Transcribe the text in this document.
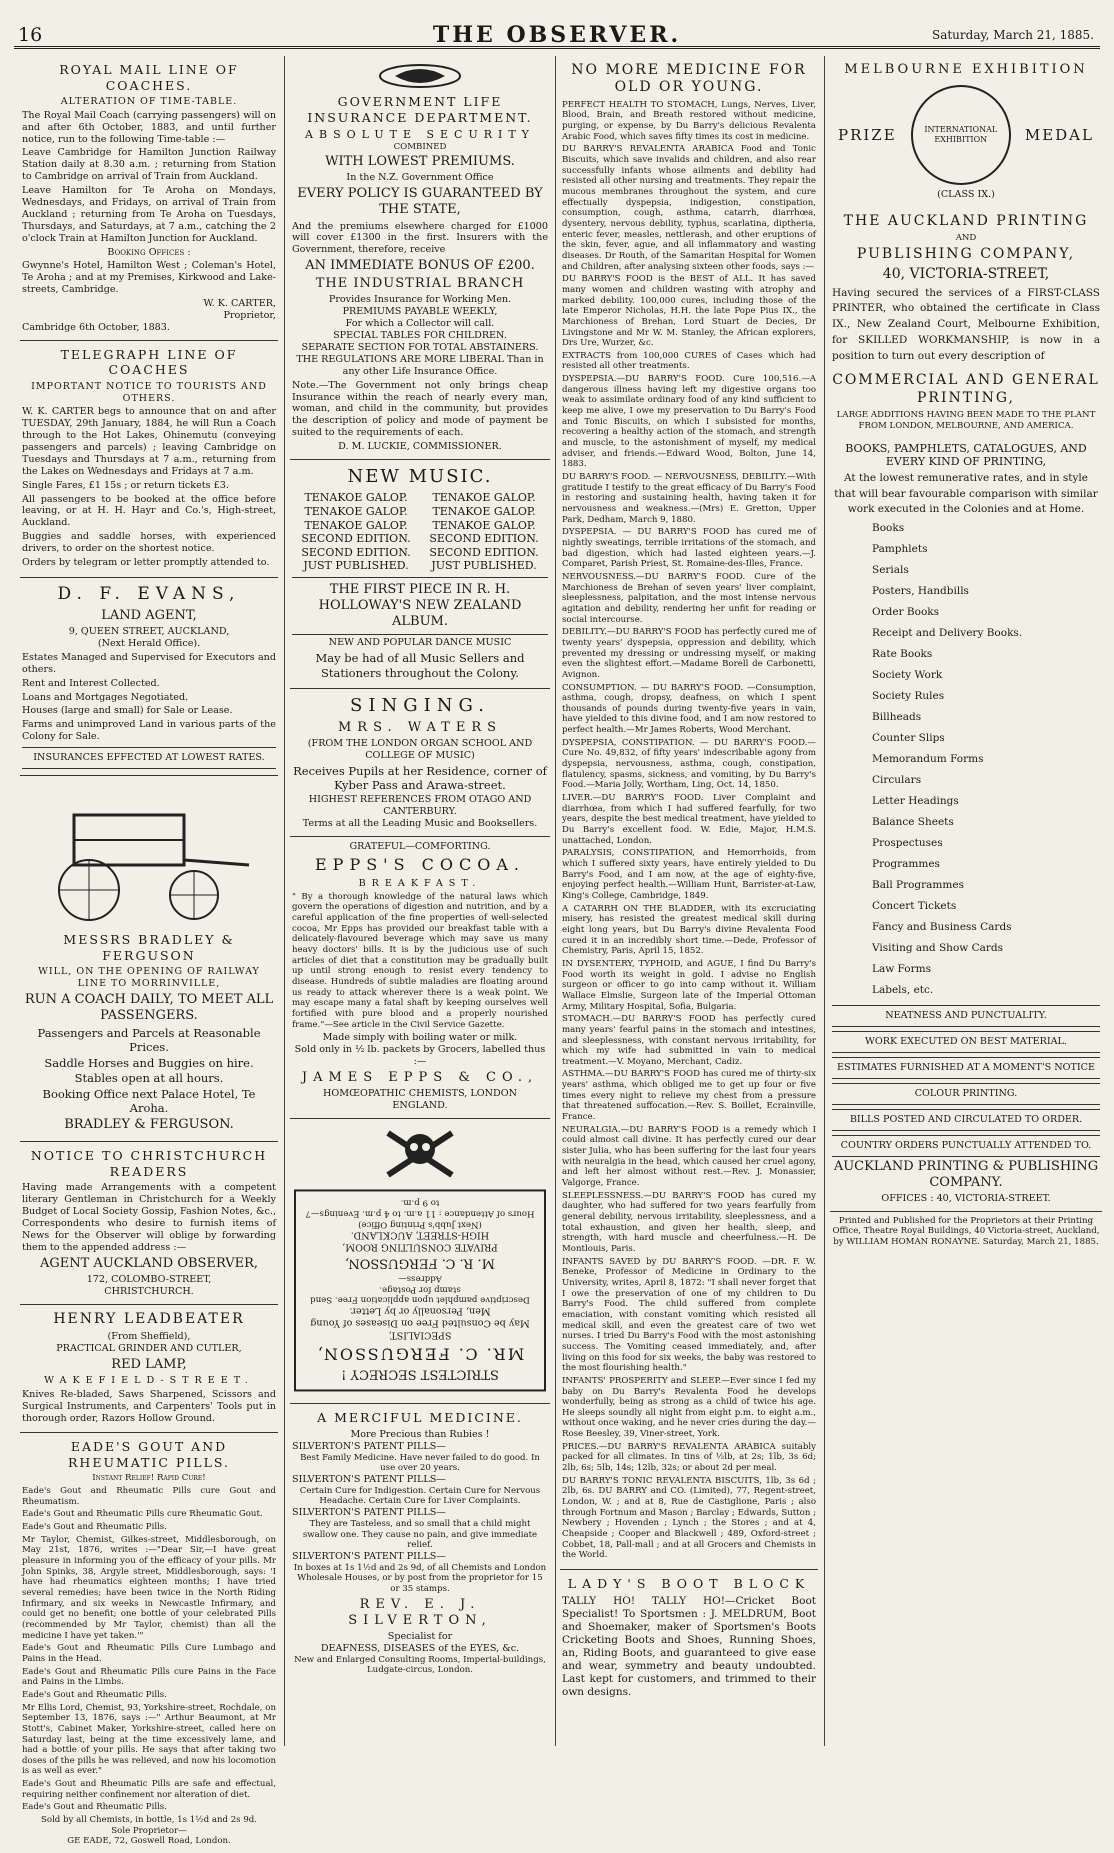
16	THE OBSERVER.	Saturday, March 21, 1885.
ROYAL MAIL LINE OF COACHES.
ALTERATION OF TIME-TABLE.
The Royal Mail Coach (carrying passengers) will on and after 6th October, 1883, and until further notice, run to the following Time-table :—
Leave Cambridge for Hamilton Junction Railway Station daily at 8.30 a.m. ; returning from Station to Cambridge on arrival of Train from Auckland.
Leave Hamilton for Te Aroha on Mondays, Wednesdays, and Fridays, on arrival of Train from Auckland ; returning from Te Aroha on Tuesdays, Thursdays, and Saturdays, at 7 a.m., catching the 2 o'clock Train at Hamilton Junction for Auckland.
Booking Offices :
Gwynne's Hotel, Hamilton West ; Coleman's Hotel, Te Aroha ; and at my Premises, Kirkwood and Lake-streets, Cambridge.
W. K. CARTER,
Proprietor,
Cambridge 6th October, 1883.
TELEGRAPH LINE OF COACHES
IMPORTANT NOTICE TO TOURISTS AND OTHERS.
W. K. CARTER begs to announce that on and after TUESDAY, 29th January, 1884, he will Run a Coach through to the Hot Lakes, Ohinemutu (conveying passengers and parcels) ; leaving Cambridge on Tuesdays and Thursdays at 7 a.m., returning from the Lakes on Wednesdays and Fridays at 7 a.m.
Single Fares, £1 15s ; or return tickets £3.
All passengers to be booked at the office before leaving, or at H. H. Hayr and Co.'s, High-street, Auckland.
Buggies and saddle horses, with experienced drivers, to order on the shortest notice.
Orders by telegram or letter promptly attended to.
D. F. EVANS,
LAND AGENT,
9, QUEEN STREET, AUCKLAND,
(Next Herald Office).
Estates Managed and Supervised for Executors and others.
Rent and Interest Collected.
Loans and Mortgages Negotiated.
Houses (large and small) for Sale or Lease.
Farms and unimproved Land in various parts of the Colony for Sale.
INSURANCES EFFECTED AT LOWEST RATES.
MESSRS BRADLEY & FERGUSON
WILL, ON THE OPENING OF RAILWAY LINE TO MORRINVILLE,
RUN A COACH DAILY, TO MEET ALL PASSENGERS.
Passengers and Parcels at Reasonable Prices.
Saddle Horses and Buggies on hire. Stables open at all hours.
Booking Office next Palace Hotel, Te Aroha.
BRADLEY & FERGUSON.
NOTICE TO CHRISTCHURCH READERS
Having made Arrangements with a competent literary Gentleman in Christchurch for a Weekly Budget of Local Society Gossip, Fashion Notes, &c., Correspondents who desire to furnish items of News for the Observer will oblige by forwarding them to the appended address :—
AGENT AUCKLAND OBSERVER,
172, COLOMBO-STREET,
CHRISTCHURCH.
HENRY LEADBEATER
(From Sheffield),
PRACTICAL GRINDER AND CUTLER,
RED LAMP,
WAKEFIELD-STREET.
Knives Re-bladed, Saws Sharpened, Scissors and Surgical Instruments, and Carpenters' Tools put in thorough order, Razors Hollow Ground.
EADE'S GOUT AND RHEUMATIC PILLS.
Instant Relief! Rapid Cure!
Eade's Gout and Rheumatic Pills cure Gout and Rheumatism.
Eade's Gout and Rheumatic Pills cure Rheumatic Gout.
Eade's Gout and Rheumatic Pills.
Mr Taylor, Chemist, Gilkes-street, Middlesborough, on May 21st, 1876, writes :—"Dear Sir,—I have great pleasure in informing you of the efficacy of your pills. Mr John Spinks, 38, Argyle street, Middlesborough, says: 'I have had rheumatics eighteen months; I have tried several remedies; have been twice in the North Riding Infirmary, and six weeks in Newcastle Infirmary, and could get no benefit; one bottle of your celebrated Pills (recommended by Mr Taylor, chemist) than all the medicine I have yet taken.'"
Eade's Gout and Rheumatic Pills Cure Lumbago and Pains in the Head.
Eade's Gout and Rheumatic Pills cure Pains in the Face and Pains in the Limbs.
Eade's Gout and Rheumatic Pills.
Mr Ellis Lord, Chemist, 93, Yorkshire-street, Rochdale, on September 13, 1876, says :—" Arthur Beaumont, at Mr Stott's, Cabinet Maker, Yorkshire-street, called here on Saturday last, being at the time excessively lame, and had a bottle of your pills. He says that after taking two doses of the pills he was relieved, and now his locomotion is as well as ever."
Eade's Gout and Rheumatic Pills are safe and effectual, requiring neither confinement nor alteration of diet.
Eade's Gout and Rheumatic Pills.
Sold by all Chemists, in bottle, 1s 1½d and 2s 9d.
Sole Proprietor—
GE EADE, 72, Goswell Road, London.
GOVERNMENT LIFE INSURANCE DEPARTMENT.
ABSOLUTE SECURITY
COMBINED
WITH LOWEST PREMIUMS.
In the N.Z. Government Office
EVERY POLICY IS GUARANTEED BY THE STATE,
And the premiums elsewhere charged for £1000 will cover £1300 in the first. Insurers with the Government, therefore, receive
AN IMMEDIATE BONUS OF £200.
THE INDUSTRIAL BRANCH
Provides Insurance for Working Men.
PREMIUMS PAYABLE WEEKLY,
For which a Collector will call.
SPECIAL TABLES FOR CHILDREN.
SEPARATE SECTION FOR TOTAL ABSTAINERS.
THE REGULATIONS ARE MORE LIBERAL Than in any other Life Insurance Office.
Note.—The Government not only brings cheap Insurance within the reach of nearly every man, woman, and child in the community, but provides the description of policy and mode of payment be suited to the requirements of each.
D. M. LUCKIE, COMMISSIONER.
NEW MUSIC.
TENAKOE GALOP. TENAKOE GALOP.
TENAKOE GALOP. TENAKOE GALOP.
TENAKOE GALOP. TENAKOE GALOP.
SECOND EDITION. SECOND EDITION.
SECOND EDITION. SECOND EDITION.
JUST PUBLISHED. JUST PUBLISHED.
THE FIRST PIECE IN R. H. HOLLOWAY'S NEW ZEALAND ALBUM.
NEW AND POPULAR DANCE MUSIC
May be had of all Music Sellers and Stationers throughout the Colony.
SINGING.
MRS. WATERS
(FROM THE LONDON ORGAN SCHOOL AND COLLEGE OF MUSIC)
Receives Pupils at her Residence, corner of Kyber Pass and Arawa-street.
HIGHEST REFERENCES FROM OTAGO AND CANTERBURY.
Terms at all the Leading Music and Booksellers.
GRATEFUL—COMFORTING.
EPPS'S COCOA.
BREAKFAST.
" By a thorough knowledge of the natural laws which govern the operations of digestion and nutrition, and by a careful application of the fine properties of well-selected cocoa, Mr Epps has provided our breakfast table with a delicately-flavoured beverage which may save us many heavy doctors' bills. It is by the judicious use of such articles of diet that a constitution may be gradually built up until strong enough to resist every tendency to disease. Hundreds of subtle maladies are floating around us ready to attack wherever there is a weak point. We may escape many a fatal shaft by keeping ourselves well fortified with pure blood and a properly nourished frame."—See article in the Civil Service Gazette.
Made simply with boiling water or milk.
Sold only in ½ lb. packets by Grocers, labelled thus :—
JAMES EPPS & CO.,
HOMŒOPATHIC CHEMISTS, LONDON
ENGLAND.
STRICTEST SECRECY !
MR. C. FERGUSSON,
SPECIALIST,
May be Consulted Free on Diseases of Young Men, Personally or by Letter.
Descriptive pamphlet upon application Free. Send stamp for Postage.
Address—
M. R. C. FERGUSSON,
PRIVATE CONSULTING ROOM,
HIGH-STREET, AUCKLAND.
(Next Jubb's Printing Office)
Hours of Attendance : 11 a.m. to 4 p.m. Evenings—7 to 9 p.m.
A MERCIFUL MEDICINE.
More Precious than Rubies !
SILVERTON'S PATENT PILLS—
Best Family Medicine. Have never failed to do good. In use over 20 years.
SILVERTON'S PATENT PILLS—
Certain Cure for Indigestion. Certain Cure for Nervous Headache. Certain Cure for Liver Complaints.
SILVERTON'S PATENT PILLS—
They are Tasteless, and so small that a child might swallow one. They cause no pain, and give immediate relief.
SILVERTON'S PATENT PILLS—
In boxes at 1s 1½d and 2s 9d, of all Chemists and London Wholesale Houses, or by post from the proprietor for 15 or 35 stamps.
REV. E. J. SILVERTON,
Specialist for
DEAFNESS, DISEASES of the EYES, &c.
New and Enlarged Consulting Rooms, Imperial-buildings, Ludgate-circus, London.
NO MORE MEDICINE FOR OLD OR YOUNG.
PERFECT HEALTH TO STOMACH, Lungs, Nerves, Liver, Blood, Brain, and Breath restored without medicine, purging, or expense, by Du Barry's delicious Revalenta Arabic Food, which saves fifty times its cost in medicine.
DU BARRY'S REVALENTA ARABICA Food and Tonic Biscuits, which save invalids and children, and also rear successfully infants whose ailments and debility had resisted all other nursing and treatments. They repair the mucous membranes throughout the system, and cure effectually dyspepsia, indigestion, constipation, consumption, cough, asthma, catarrh, diarrhœa, dysentery, nervous debility, typhus, scarlatina, diptheria, enteric fever, measles, nettlerash, and other eruptions of the skin, fever, ague, and all inflammatory and wasting diseases. Dr Routh, of the Samaritan Hospital for Women and Children, after analysing sixteen other foods, says :—
DU BARRY'S FOOD is the BEST of ALL. It has saved many women and children wasting with atrophy and marked debility. 100,000 cures, including those of the late Emperor Nicholas, H.H. the late Pope Pius IX., the Marchioness of Brehan, Lord Stuart de Decies, Dr Livingstone and Mr W. M. Stanley, the African explorers, Drs Ure, Wurzer, &c.
EXTRACTS from 100,000 CURES of Cases which had resisted all other treatments.
DYSPEPSIA.—DU BARRY'S FOOD. Cure 100,516.—A dangerous illness having left my digestive organs too weak to assimilate ordinary food of any kind sufficient to keep me alive, I owe my preservation to Du Barry's Food and Tonic Biscuits, on which I subsisted for months, recovering a healthy action of the stomach, and strength and muscle, to the astonishment of myself, my medical adviser, and friends.—Edward Wood, Bolton, June 14, 1883.
DU BARRY'S FOOD. — NERVOUSNESS, DEBILITY.—With gratitude I testify to the great efficacy of Du Barry's Food in restoring and sustaining health, having taken it for nervousness and weakness.—(Mrs) E. Gretton, Upper Park, Dedham, March 9, 1880.
DYSPEPSIA. — DU BARRY'S FOOD has cured me of nightly sweatings, terrible irritations of the stomach, and bad digestion, which had lasted eighteen years.—J. Comparet, Parish Priest, St. Romaine-des-Illes, France.
NERVOUSNESS.—DU BARRY'S FOOD. Cure of the Marchioness de Brehan of seven years' liver complaint, sleeplessness, palpitation, and the most intense nervous agitation and debility, rendering her unfit for reading or social intercourse.
DEBILITY.—DU BARRY'S FOOD has perfectly cured me of twenty years' dyspepsia, oppression and debility, which prevented my dressing or undressing myself, or making even the slightest effort.—Madame Borell de Carbonetti, Avignon.
CONSUMPTION. — DU BARRY'S FOOD. —Consumption, asthma, cough, dropsy, deafness, on which I spent thousands of pounds during twenty-five years in vain, have yielded to this divine food, and I am now restored to perfect health.—Mr James Roberts, Wood Merchant.
DYSPEPSIA, CONSTIPATION. — DU BARRY'S FOOD.—Cure No. 49,832, of fifty years' indescribable agony from dyspepsia, nervousness, asthma, cough, constipation, flatulency, spasms, sickness, and vomiting, by Du Barry's Food.—Maria Jolly, Wortham, Ling, Oct. 14, 1850.
LIVER.—DU BARRY'S FOOD. Liver Complaint and diarrhœa, from which I had suffered fearfully, for two years, despite the best medical treatment, have yielded to Du Barry's excellent food. W. Edie, Major, H.M.S. unattached, London.
PARALYSIS, CONSTIPATION, and Hemorrhoids, from which I suffered sixty years, have entirely yielded to Du Barry's Food, and I am now, at the age of eighty-five, enjoying perfect health.—William Hunt, Barrister-at-Law, King's College, Cambridge, 1849.
A CATARRH ON THE BLADDER, with its excruciating misery, has resisted the greatest medical skill during eight long years, but Du Barry's divine Revalenta Food cured it in an incredibly short time.—Dede, Professor of Chemistry, Paris, April 15, 1852.
IN DYSENTERY, TYPHOID, and AGUE, I find Du Barry's Food worth its weight in gold. I advise no English surgeon or officer to go into camp without it. William Wallace Elmslie, Surgeon late of the Imperial Ottoman Army, Military Hospital, Sofia, Bulgaria.
STOMACH.—DU BARRY'S FOOD has perfectly cured many years' fearful pains in the stomach and intestines, and sleeplessness, with constant nervous irritability, for which my wife had submitted in vain to medical treatment.—V. Moyano, Merchant, Cadiz.
ASTHMA.—DU BARRY'S FOOD has cured me of thirty-six years' asthma, which obliged me to get up four or five times every night to relieve my chest from a pressure that threatened suffocation.—Rev. S. Boillet, Ecrainville, France.
NEURALGIA.—DU BARRY'S FOOD is a remedy which I could almost call divine. It has perfectly cured our dear sister Julia, who has been suffering for the last four years with neuralgia in the head, which caused her cruel agony, and left her almost without rest.—Rev. J. Monassier, Valgorge, France.
SLEEPLESSNESS.—DU BARRY'S FOOD has cured my daughter, who had suffered for two years fearfully from general debility, nervous irritability, sleeplessness, and a total exhaustion, and given her health, sleep, and strength, with hard muscle and cheerfulness.—H. De Montlouis, Paris.
INFANTS SAVED by DU BARRY'S FOOD. —DR. F. W. Beneke, Professor of Medicine in Ordinary to the University, writes, April 8, 1872: "I shall never forget that I owe the preservation of one of my children to Du Barry's Food. The child suffered from complete emaciation, with constant vomiting which resisted all medical skill, and even the greatest care of two wet nurses. I tried Du Barry's Food with the most astonishing success. The Vomiting ceased immediately, and, after living on this food for six weeks, the baby was restored to the most flourishing health."
INFANTS' PROSPERITY and SLEEP.—Ever since I fed my baby on Du Barry's Revalenta Food he develops wonderfully, being as strong as a child of twice his age. He sleeps soundly all night from eight p.m. to eight a.m., without once waking, and he never cries during the day.—Rose Beesley, 39, Viner-street, York.
PRICES.—DU BARRY'S REVALENTA ARABICA suitably packed for all climates. In tins of ½lb, at 2s; 1lb, 3s 6d; 2lb, 6s; 5lb, 14s; 12lb, 32s; or about 2d per meal.
DU BARRY'S TONIC REVALENTA BISCUITS, 1lb, 3s 6d ; 2lb, 6s. DU BARRY and CO. (Limited), 77, Regent-street, London, W. ; and at 8, Rue de Castiglione, Paris ; also through Fortnum and Mason ; Barclay ; Edwards, Sutton ; Newbery ; Hovenden ; Lynch ; the Stores ; and at 4, Cheapside ; Cooper and Blackwell ; 489, Oxford-street ; Cobbet, 18, Pall-mall ; and at all Grocers and Chemists in the World.
LADY'S BOOT BLOCK
TALLY HO! TALLY HO!—Cricket Boot Specialist! To Sportsmen : J. MELDRUM, Boot and Shoemaker, maker of Sportsmen's Boots Cricketing Boots and Shoes, Running Shoes, an, Riding Boots, and guaranteed to give ease and wear, symmetry and beauty undoubted. Last kept for customers, and trimmed to their own designs.
MELBOURNE EXHIBITION
PRIZE	INTERNATIONAL EXHIBITION	MEDAL
(CLASS IX.)
THE AUCKLAND PRINTING
AND
PUBLISHING COMPANY,
40, VICTORIA-STREET,
Having secured the services of a FIRST-CLASS PRINTER, who obtained the certificate in Class IX., New Zealand Court, Melbourne Exhibition, for SKILLED WORKMANSHIP, is now in a position to turn out every description of
COMMERCIAL AND GENERAL PRINTING,
LARGE ADDITIONS HAVING BEEN MADE TO THE PLANT FROM LONDON, MELBOURNE, AND AMERICA.
BOOKS, PAMPHLETS, CATALOGUES, AND EVERY KIND OF PRINTING,
At the lowest remunerative rates, and in style that will bear favourable comparison with similar work executed in the Colonies and at Home.
Books
Pamphlets
Serials
Posters, Handbills
Order Books
Receipt and Delivery Books.
Rate Books
Society Work
Society Rules
Billheads
Counter Slips
Memorandum Forms
Circulars
Letter Headings
Balance Sheets
Prospectuses
Programmes
Ball Programmes
Concert Tickets
Fancy and Business Cards
Visiting and Show Cards
Law Forms
Labels, etc.
NEATNESS AND PUNCTUALITY.
WORK EXECUTED ON BEST MATERIAL.
ESTIMATES FURNISHED AT A MOMENT'S NOTICE
COLOUR PRINTING.
BILLS POSTED AND CIRCULATED TO ORDER.
COUNTRY ORDERS PUNCTUALLY ATTENDED TO.
AUCKLAND PRINTING & PUBLISHING COMPANY.
OFFICES : 40, VICTORIA-STREET.
Printed and Published for the Proprietors at their Printing Office, Theatre Royal Buildings, 40 Victoria-street, Auckland, by WILLIAM HOMAN RONAYNE. Saturday, March 21, 1885.
